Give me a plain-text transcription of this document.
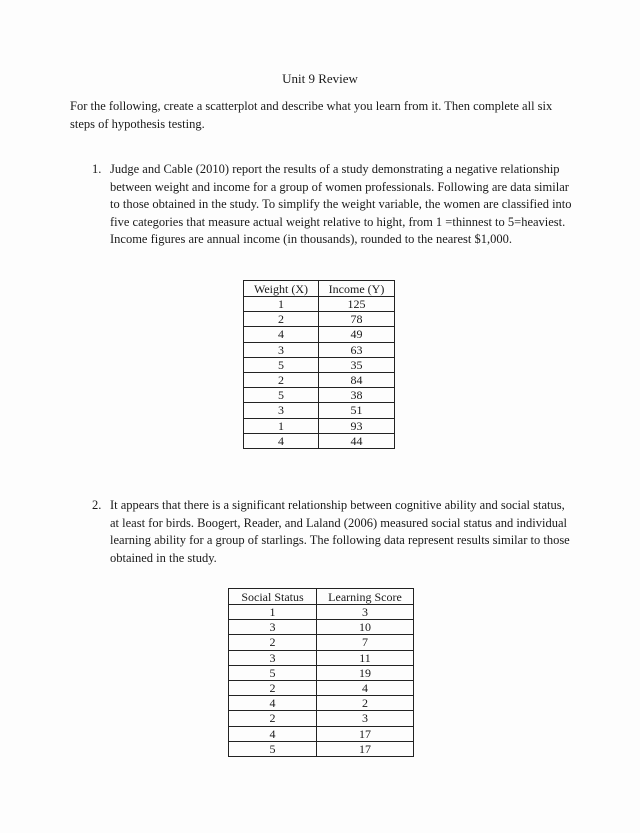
Unit 9 Review
For the following, create a scatterplot and describe what you learn from it. Then complete all six steps of hypothesis testing.
1. Judge and Cable (2010) report the results of a study demonstrating a negative relationship between weight and income for a group of women professionals. Following are data similar to those obtained in the study. To simplify the weight variable, the women are classified into five categories that measure actual weight relative to hight, from 1 =thinnest to 5=heaviest. Income figures are annual income (in thousands), rounded to the nearest $1,000.
Weight (X)	Income (Y)
1	125
2	78
4	49
3	63
5	35
2	84
5	38
3	51
1	93
4	44
2. It appears that there is a significant relationship between cognitive ability and social status, at least for birds. Boogert, Reader, and Laland (2006) measured social status and individual learning ability for a group of starlings. The following data represent results similar to those obtained in the study.
Social Status	Learning Score
1	3
3	10
2	7
3	11
5	19
2	4
4	2
2	3
4	17
5	17
